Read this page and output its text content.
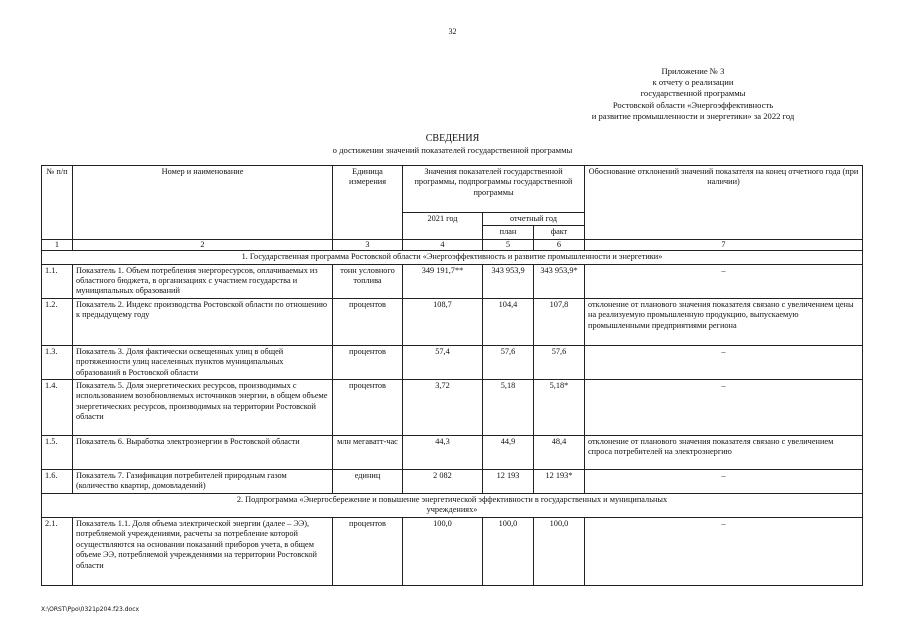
32
Приложение № 3
к отчету о реализации
государственной программы
Ростовской области «Энергоэффективность
и развитие промышленности и энергетики» за 2022 год
СВЕДЕНИЯ
о достижении значений показателей государственной программы
№ п/п	Номер и наименование	Единица измерения	Значения показателей государственной программы, подпрограммы государственной программы			Обоснование отклонений значений показателя на конец отчетного года (при наличии)
			2021 год	отчетный год		
				план	факт	
1	2	3	4	5	6	7
1. Государственная программа Ростовской области «Энергоэффективность и развитие промышленности и энергетики»						
1.1.	Показатель 1. Объем потребления энергоресурсов, оплачиваемых из областного бюджета, в организациях с участием государства и муниципальных образований	тонн условного топлива	349 191,7**	343 953,9	343 953,9*	–
1.2.	Показатель 2. Индекс производства Ростовской области по отношению к предыдущему году	процентов	108,7	104,4	107,8	отклонение от планового значения показателя связано с увеличением цены на реализуемую промышленную продукцию, выпускаемую промышленными предприятиями региона
1.3.	Показатель 3. Доля фактически освещенных улиц в общей протяженности улиц населенных пунктов муниципальных образований в Ростовской области	процентов	57,4	57,6	57,6	–
1.4.	Показатель 5. Доля энергетических ресурсов, производимых с использованием возобновляемых источников энергии, в общем объеме энергетических ресурсов, производимых на территории Ростовской области	процентов	3,72	5,18	5,18*	–
1.5.	Показатель 6. Выработка электроэнергии в Ростовской области	млн мегаватт-час	44,3	44,9	48,4	отклонение от планового значения показателя связано с увеличением спроса потребителей на электроэнергию
1.6.	Показатель 7. Газификация потребителей природным газом (количество квартир, домовладений)	единиц	2 082	12 193	12 193*	–
2. Подпрограмма «Энергосбережение и повышение энергетической эффективности в государственных и муниципальных учреждениях»						
2.1.	Показатель 1.1. Доля объема электрической энергии (далее – ЭЭ), потребляемой учреждениями, расчеты за потребление которой осуществляются на основании показаний приборов учета, в общем объеме ЭЭ, потребляемой учреждениями на территории Ростовской области	процентов	100,0	100,0	100,0	–
X:\ORST\Ppo\0321p204.f23.docx
